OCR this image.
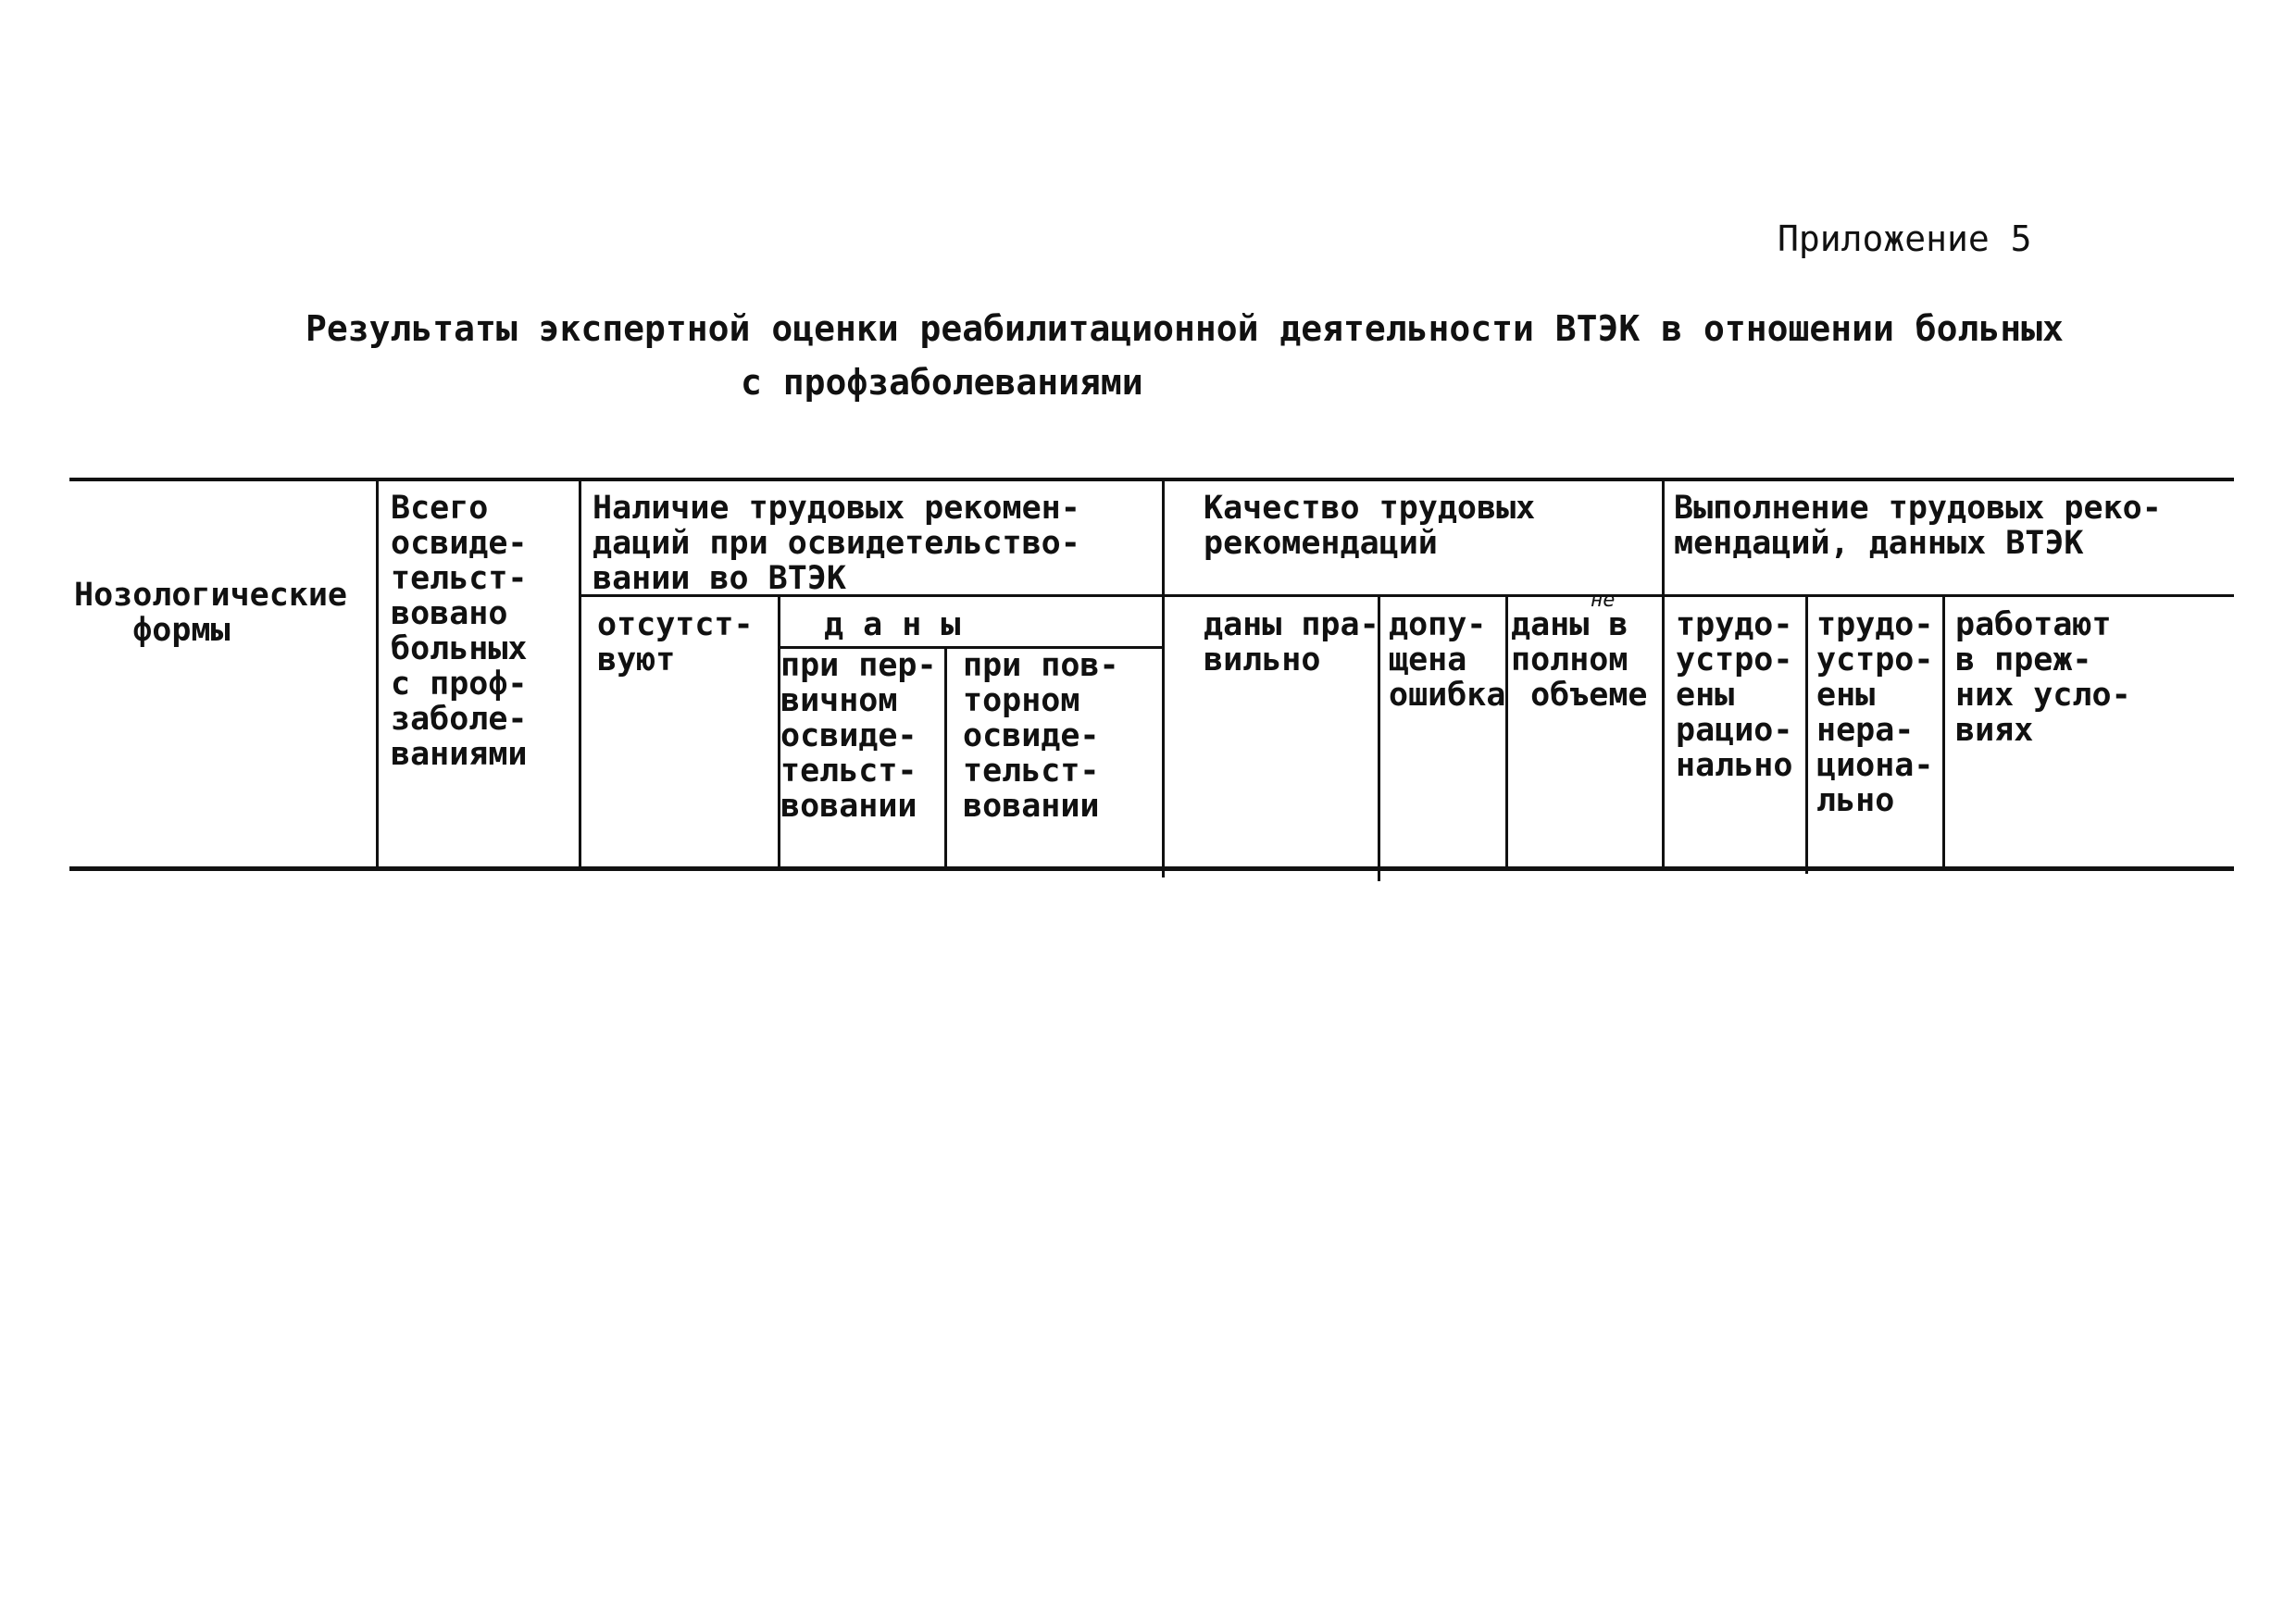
Приложение 5
Результаты экспертной оценки реабилитационной деятельности ВТЭК в отношении больных
с профзаболеваниями
Нозологические
формы
Всего
освиде-
тельст-
вовано
больных
с проф-
заболе-
ваниями
Наличие трудовых рекомен-
даций при освидетельство-
вании во ВТЭК
отсутст-
вуют
д а н ы
при пер-
вичном
освиде-
тельст-
вовании
при пов-
торном
освиде-
тельст-
вовании
Качество трудовых
рекомендаций
даны пра-
вильно
допу-
щена
ошибка
даны в
полном
объеме
не
Выполнение трудовых реко-
мендаций, данных ВТЭК
трудо-
устро-
ены
рацио-
нально
трудо-
устро-
ены
нера-
циона-
льно
работают
в преж-
них усло-
виях
